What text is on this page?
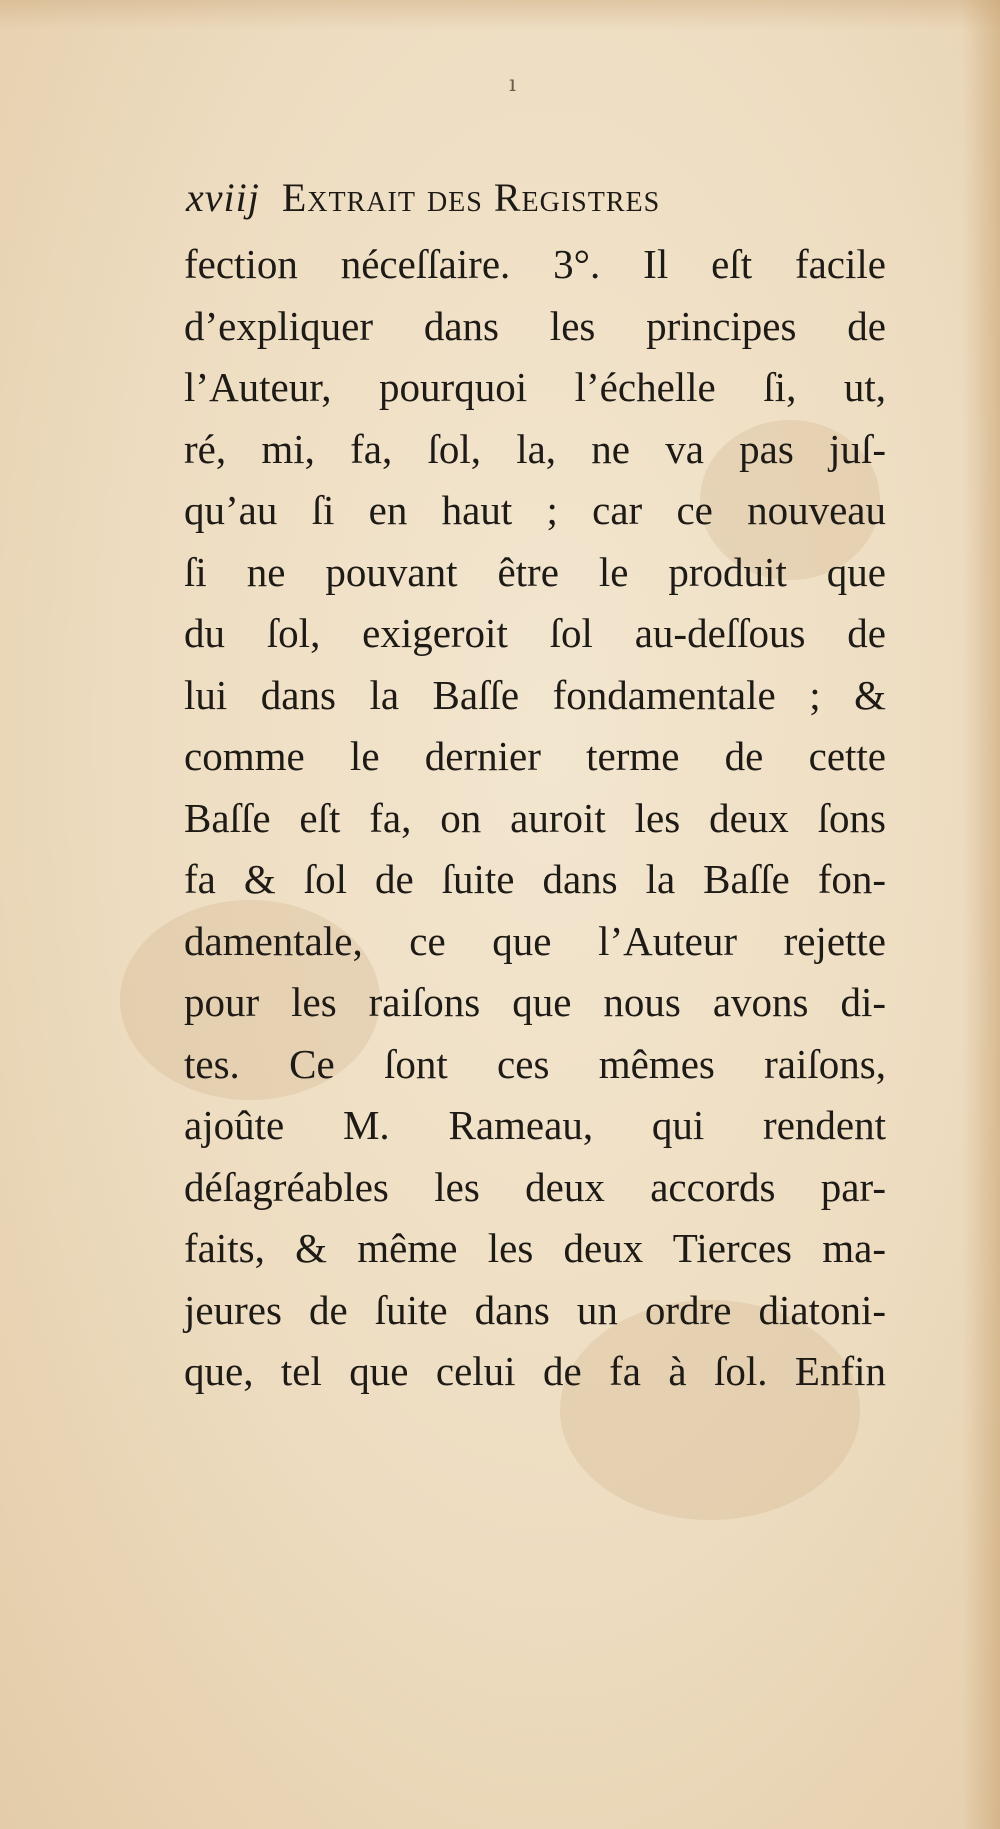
ı
xviij Extrait des Registres
fection néceſſaire. 3°. Il eſt facile
d’expliquer dans les principes de
l’Auteur, pourquoi l’échelle ſi, ut,
ré, mi, fa, ſol, la, ne va pas juſ-
qu’au ſi en haut ; car ce nouveau
ſi ne pouvant être le produit que
du ſol, exigeroit ſol au-deſſous de
lui dans la Baſſe fondamentale ; &
comme le dernier terme de cette
Baſſe eſt fa, on auroit les deux ſons
fa & ſol de ſuite dans la Baſſe fon-
damentale, ce que l’Auteur rejette
pour les raiſons que nous avons di-
tes. Ce ſont ces mêmes raiſons,
ajoûte M. Rameau, qui rendent
déſagréables les deux accords par-
faits, & même les deux Tierces ma-
jeures de ſuite dans un ordre diatoni-
que, tel que celui de fa à ſol. Enfin
